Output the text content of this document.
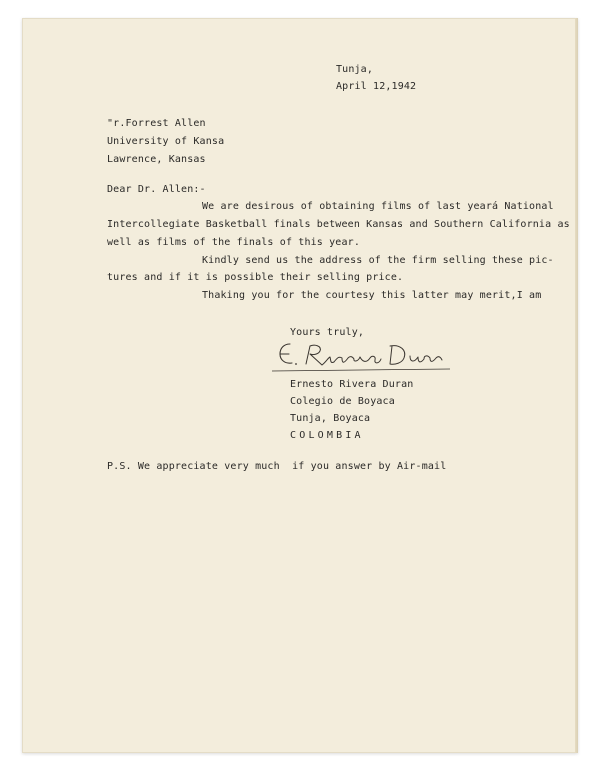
Tunja,
April 12,1942
"r.Forrest Allen
University of Kansa
Lawrence, Kansas
Dear Dr. Allen:-
We are desirous of obtaining films of last yeará National
Intercollegiate Basketball finals between Kansas and Southern California as
well as films of the finals of this year.
Kindly send us the address of the firm selling these pic-
tures and if it is possible their selling price.
Thaking you for the courtesy this latter may merit,I am
Yours truly,
Ernesto Rivera Duran
Colegio de Boyaca
Tunja, Boyaca
COLOMBIA
P.S. We appreciate very much  if you answer by Air-mail
